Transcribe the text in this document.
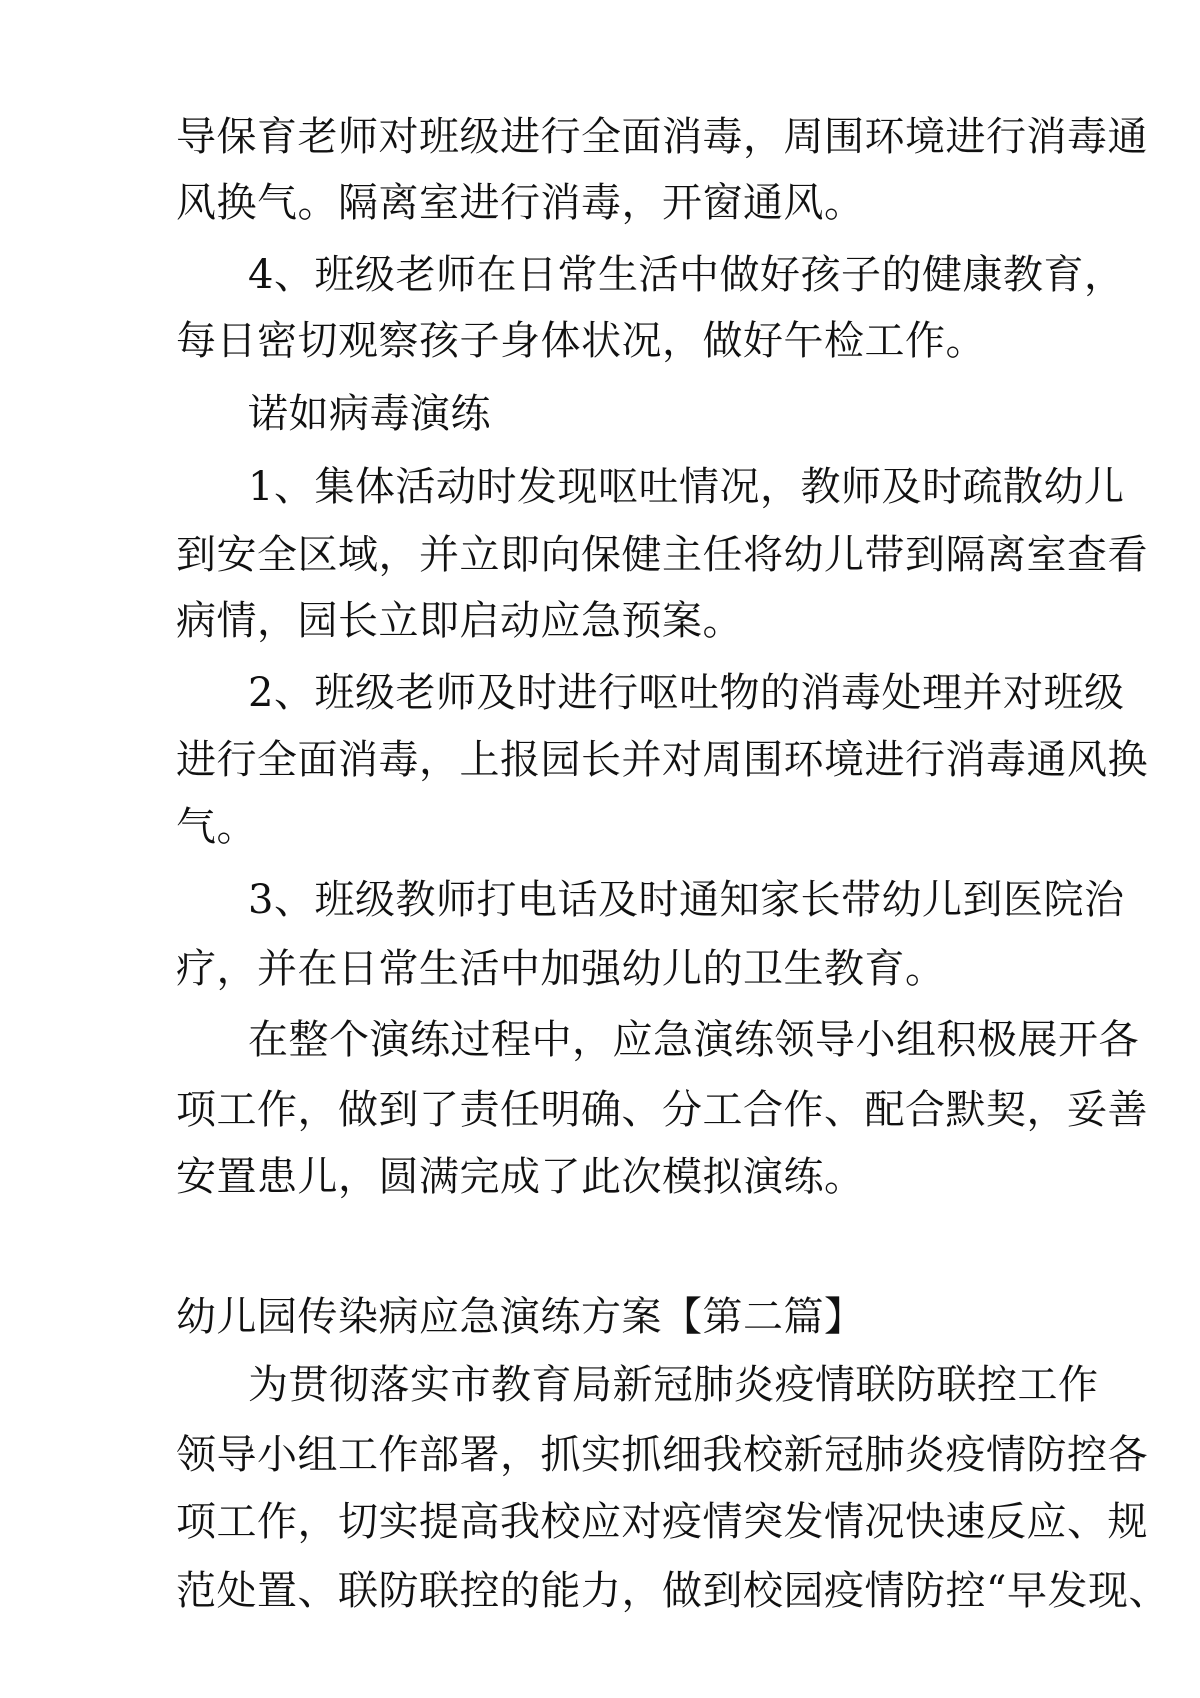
导保育老师对班级进行全面消毒，周围环境进行消毒通

风换气。隔离室进行消毒，开窗通风。

4、班级老师在日常生活中做好孩子的健康教育，

每日密切观察孩子身体状况，做好午检工作。

诺如病毒演练

1、集体活动时发现呕吐情况，教师及时疏散幼儿

到安全区域，并立即向保健主任将幼儿带到隔离室查看

病情，园长立即启动应急预案。

2、班级老师及时进行呕吐物的消毒处理并对班级

进行全面消毒，上报园长并对周围环境进行消毒通风换

气。

3、班级教师打电话及时通知家长带幼儿到医院治

疗，并在日常生活中加强幼儿的卫生教育。

在整个演练过程中，应急演练领导小组积极展开各

项工作，做到了责任明确、分工合作、配合默契，妥善

安置患儿，圆满完成了此次模拟演练。

幼儿园传染病应急演练方案【第二篇】

为贯彻落实市教育局新冠肺炎疫情联防联控工作

领导小组工作部署，抓实抓细我校新冠肺炎疫情防控各

项工作，切实提高我校应对疫情突发情况快速反应、规

范处置、联防联控的能力，做到校园疫情防控“早发现、
